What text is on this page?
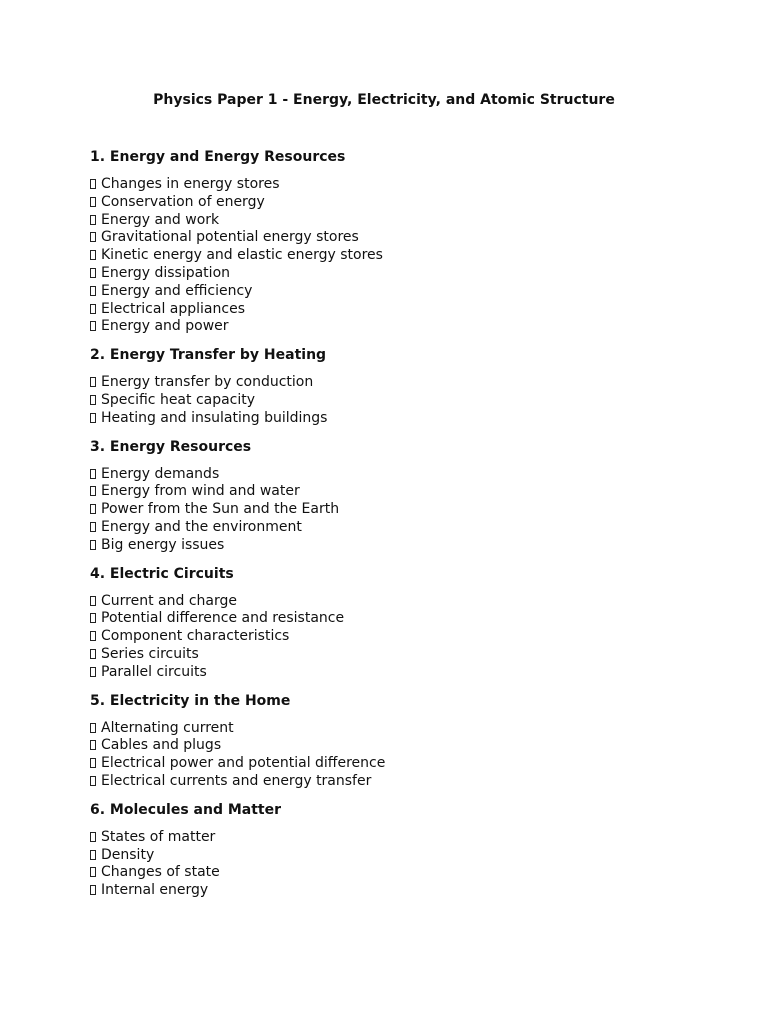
Physics Paper 1 - Energy, Electricity, and Atomic Structure
1. Energy and Energy Resources
Changes in energy stores
Conservation of energy
Energy and work
Gravitational potential energy stores
Kinetic energy and elastic energy stores
Energy dissipation
Energy and efficiency
Electrical appliances
Energy and power
2. Energy Transfer by Heating
Energy transfer by conduction
Specific heat capacity
Heating and insulating buildings
3. Energy Resources
Energy demands
Energy from wind and water
Power from the Sun and the Earth
Energy and the environment
Big energy issues
4. Electric Circuits
Current and charge
Potential difference and resistance
Component characteristics
Series circuits
Parallel circuits
5. Electricity in the Home
Alternating current
Cables and plugs
Electrical power and potential difference
Electrical currents and energy transfer
6. Molecules and Matter
States of matter
Density
Changes of state
Internal energy
